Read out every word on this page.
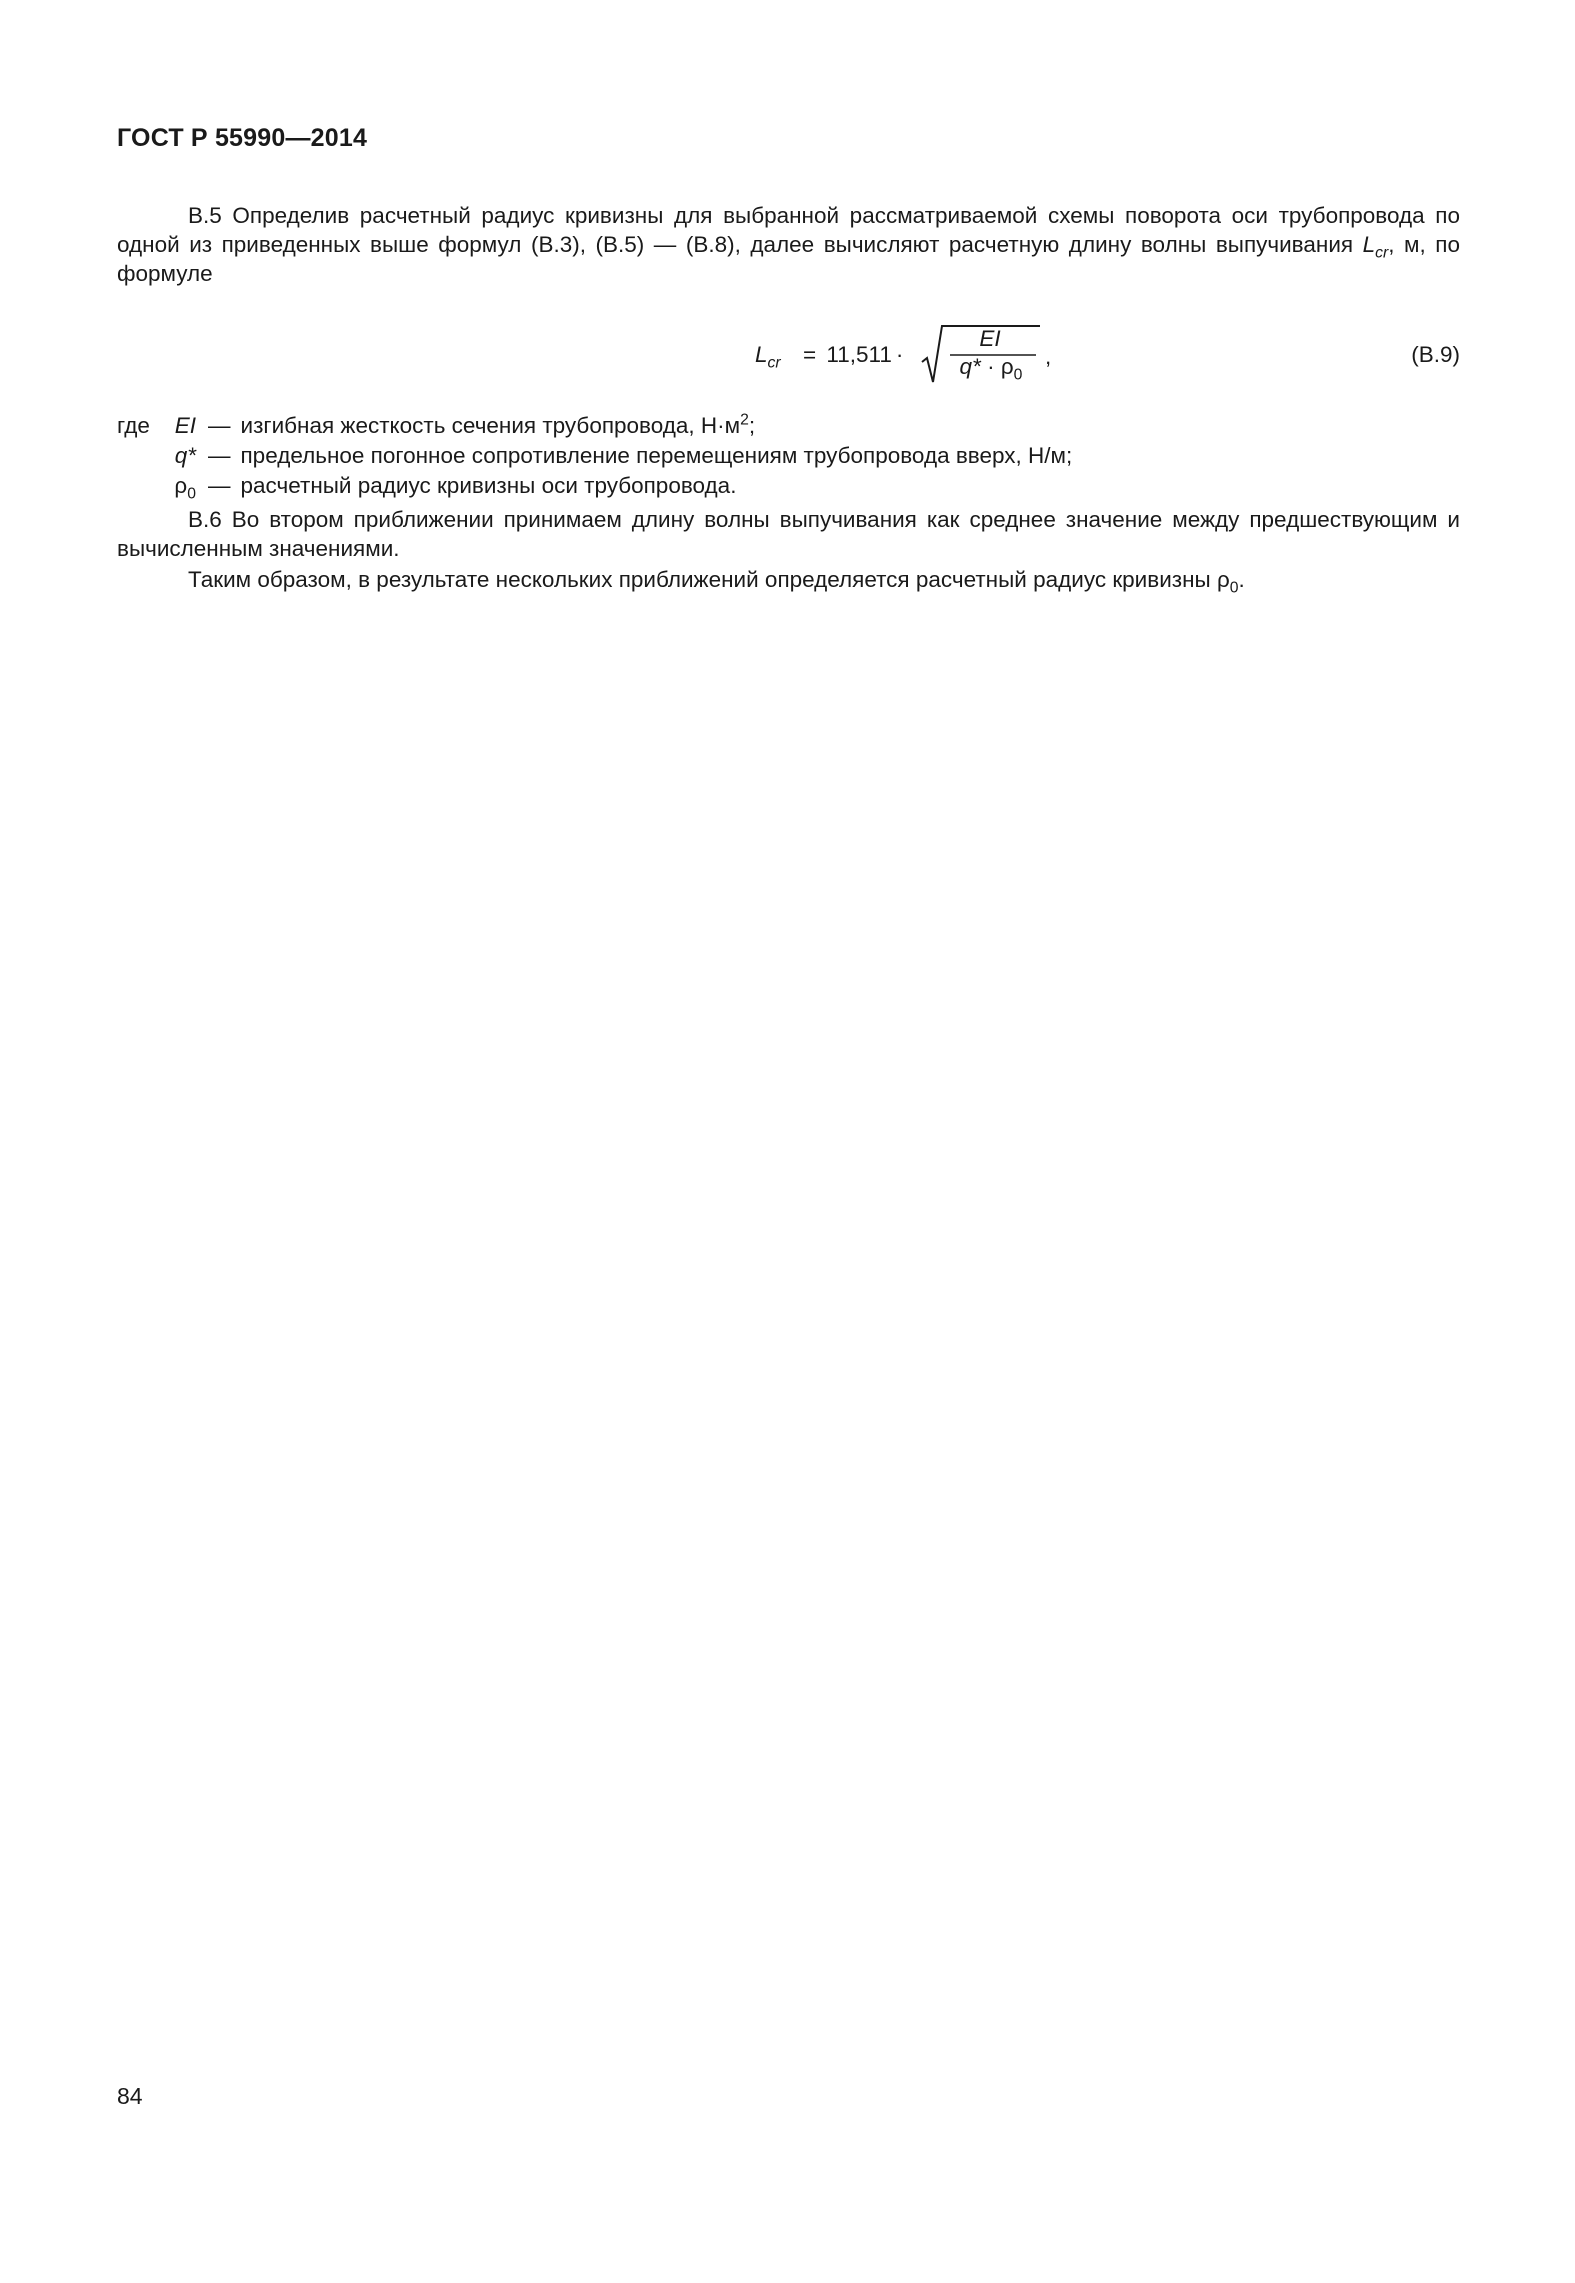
ГОСТ Р 55990—2014

В.5 Определив расчетный радиус кривизны для выбранной рассматриваемой схемы поворота оси трубопровода по одной из приведенных выше формул (В.3), (В.5) — (В.8), далее вычисляют расчетную длину волны выпучивания $L_{cr}$, м, по формуле

$L_{cr} = 11,511$ ·
EI
$q* \cdot \rho_0$
,	(В.9)
где	EI — изгибная жесткость сечения трубопровода, $Н\cdot м^2$;
q* — предельное погонное сопротивление перемещениям трубопровода вверх, Н/м;
$\rho_0$ — расчетный радиус кривизны оси трубопровода.

В.6 Во втором приближении принимаем длину волны выпучивания как среднее значение между предшествующим и вычисленным значениями.

Таким образом, в результате нескольких приближений определяется расчетный радиус кривизны $\rho_0$.

84
